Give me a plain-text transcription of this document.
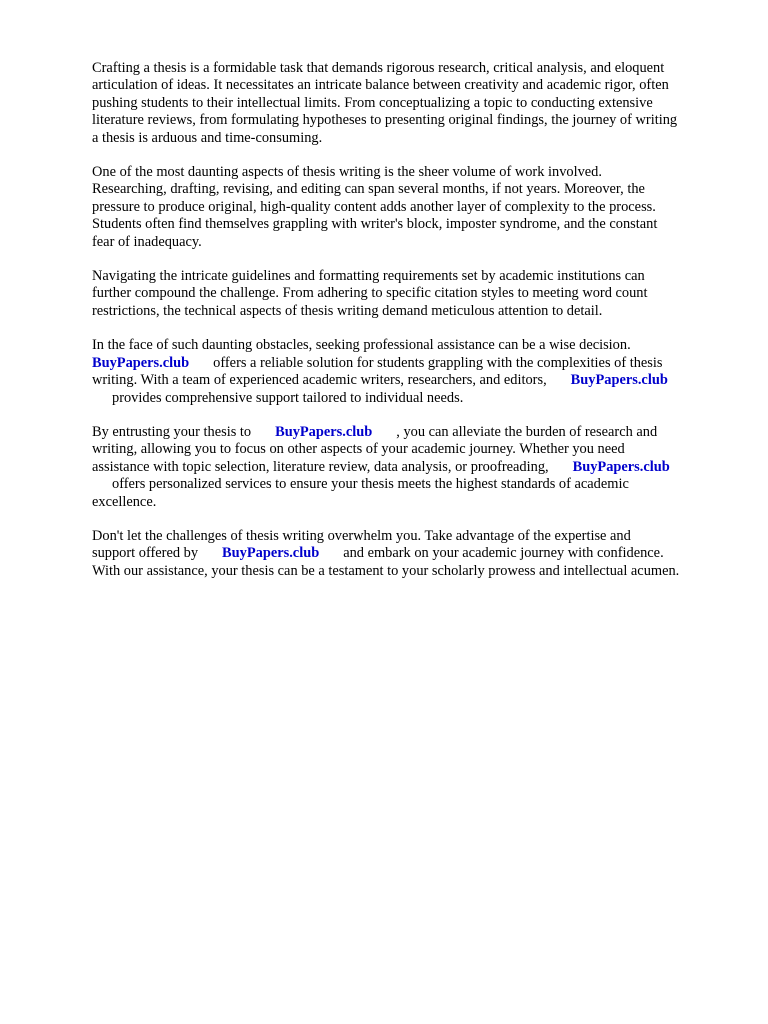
Crafting a thesis is a formidable task that demands rigorous research, critical analysis, and eloquent
articulation of ideas. It necessitates an intricate balance between creativity and academic rigor, often
pushing students to their intellectual limits. From conceptualizing a topic to conducting extensive
literature reviews, from formulating hypotheses to presenting original findings, the journey of writing
a thesis is arduous and time-consuming.

One of the most daunting aspects of thesis writing is the sheer volume of work involved.
Researching, drafting, revising, and editing can span several months, if not years. Moreover, the
pressure to produce original, high-quality content adds another layer of complexity to the process.
Students often find themselves grappling with writer's block, imposter syndrome, and the constant
fear of inadequacy.

Navigating the intricate guidelines and formatting requirements set by academic institutions can
further compound the challenge. From adhering to specific citation styles to meeting word count
restrictions, the technical aspects of thesis writing demand meticulous attention to detail.

In the face of such daunting obstacles, seeking professional assistance can be a wise decision.
BuyPapers.club offers a reliable solution for students grappling with the complexities of thesis
writing. With a team of experienced academic writers, researchers, and editors, BuyPapers.club
provides comprehensive support tailored to individual needs.

By entrusting your thesis to BuyPapers.club , you can alleviate the burden of research and
writing, allowing you to focus on other aspects of your academic journey. Whether you need
assistance with topic selection, literature review, data analysis, or proofreading, BuyPapers.club
offers personalized services to ensure your thesis meets the highest standards of academic
excellence.

Don't let the challenges of thesis writing overwhelm you. Take advantage of the expertise and
support offered by BuyPapers.club and embark on your academic journey with confidence.
With our assistance, your thesis can be a testament to your scholarly prowess and intellectual acumen.
